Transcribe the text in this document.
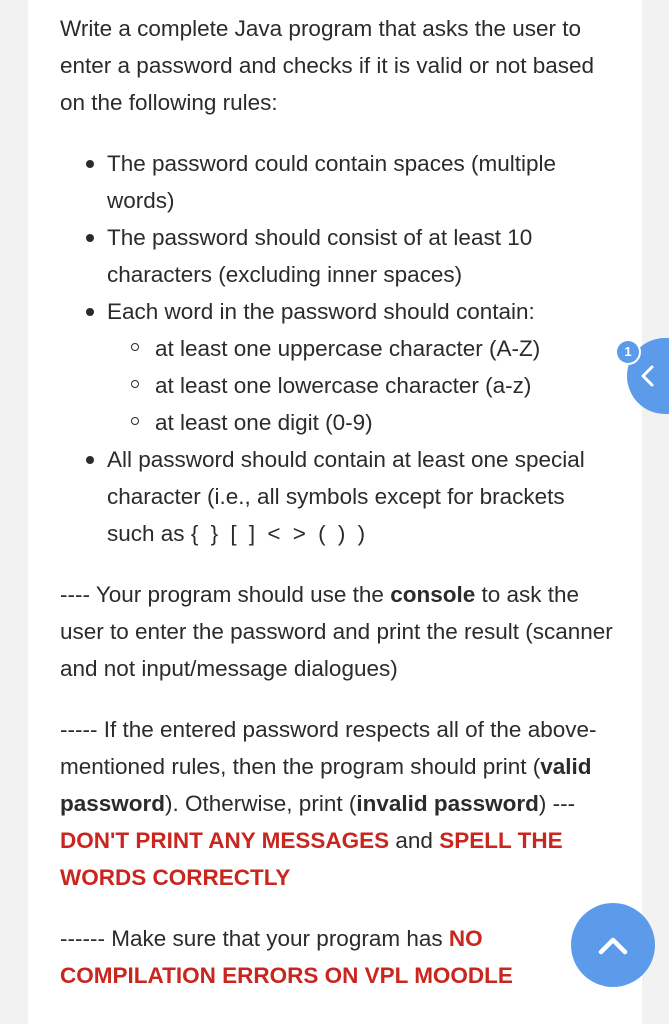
Write a complete Java program that asks the user to enter a password and checks if it is valid or not based on the following rules:

The password could contain spaces (multiple words)
The password should consist of at least 10 characters (excluding inner spaces)
Each word in the password should contain:
at least one uppercase character (A-Z)
at least one lowercase character (a-z)
at least one digit (0-9)
All password should contain at least one special character (i.e., all symbols except for brackets such as { } [ ] < > ( ) )

---- Your program should use the console to ask the user to enter the password and print the result (scanner and not input/message dialogues)

----- If the entered password respects all of the above-mentioned rules, then the program should print (valid password). Otherwise, print (invalid password) --- DON'T PRINT ANY MESSAGES and SPELL THE WORDS CORRECTLY

------ Make sure that your program has NO COMPILATION ERRORS ON VPL MOODLE

1
